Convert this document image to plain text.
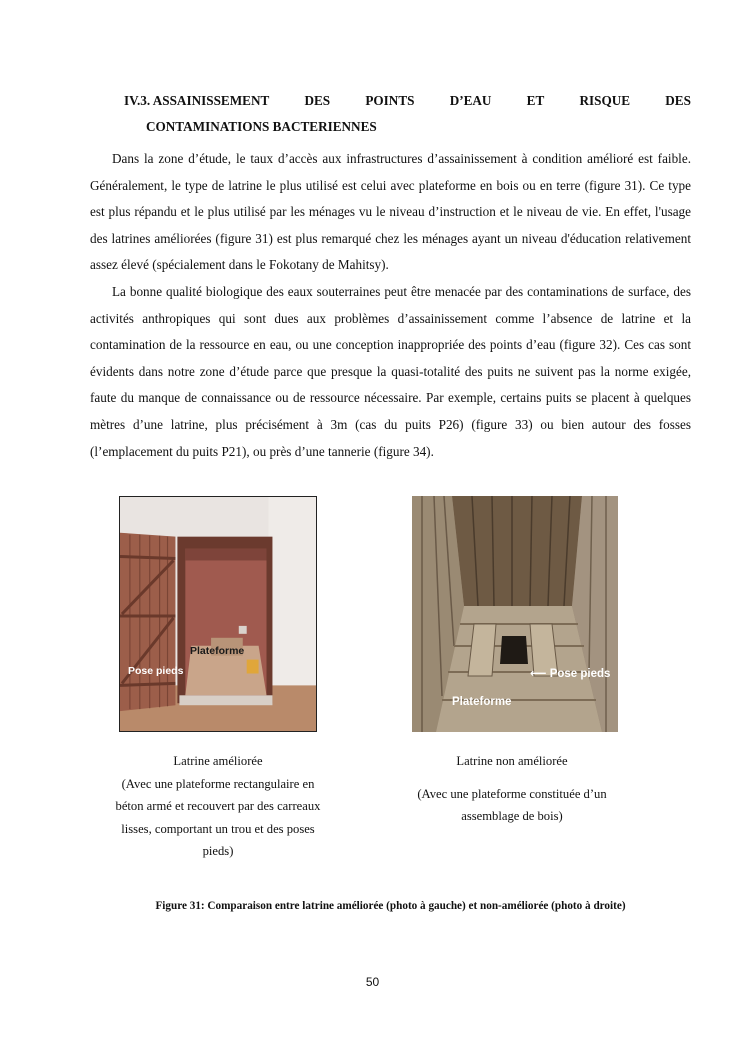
IV.3. ASSAINISSEMENT	DES	POINTS	D’EAU	ET	RISQUE	DES
CONTAMINATIONS BACTERIENNES

Dans la zone d’étude, le taux d’accès aux infrastructures d’assainissement à condition amélioré est faible. Généralement, le type de latrine le plus utilisé est celui avec plateforme en bois ou en terre (figure 31). Ce type est plus répandu et le plus utilisé par les ménages vu le niveau d’instruction et le niveau de vie. En effet, l'usage des latrines améliorées (figure 31) est plus remarqué chez les ménages ayant un niveau d'éducation relativement assez élevé (spécialement dans le Fokotany de Mahitsy).

La bonne qualité biologique des eaux souterraines peut être menacée par des contaminations de surface, des activités anthropiques qui sont dues aux problèmes d’assainissement comme l’absence de latrine et la contamination de la ressource en eau, ou une conception inappropriée des points d’eau (figure 32). Ces cas sont évidents dans notre zone d’étude parce que presque la quasi-totalité des puits ne suivent pas la norme exigée, faute du manque de connaissance ou de ressource nécessaire. Par exemple, certains puits se placent à quelques mètres d’une latrine, plus précisément à 3m (cas du puits P26) (figure 33) ou bien autour des fosses (l’emplacement du puits P21), ou près d’une tannerie (figure 34).

Plateforme
Pose pieds	⟵ Pose pieds
Plateforme
Latrine améliorée
(Avec une plateforme rectangulaire en béton armé et recouvert par des carreaux lisses, comportant un trou et des poses pieds)
Latrine non améliorée
(Avec une plateforme constituée d’un assemblage de bois)
Figure 31: Comparaison entre latrine améliorée (photo à gauche) et non-améliorée (photo à droite)
50
